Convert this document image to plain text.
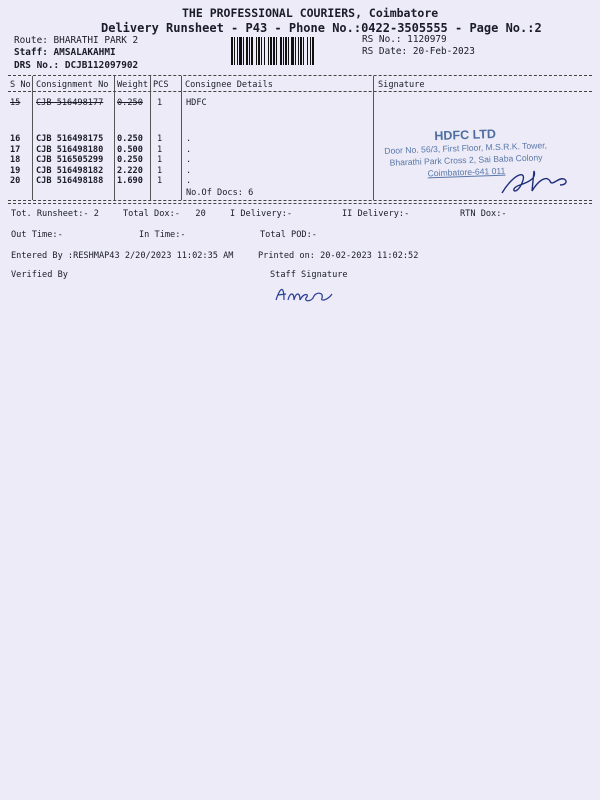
THE PROFESSIONAL COURIERS, Coimbatore
Delivery Runsheet - P43 - Phone No.:0422-3505555 - Page No.:2
Route: BHARATHI PARK 2
Staff: AMSALAKAHMI
DRS No.: DCJB112097902
RS No.: 1120979
RS Date: 20-Feb-2023
S No Consignment No Weight PCS Consignee Details	Signature
15 CJB 516498177 0.250 1	HDFC
16 CJB 516498175 0.250 1	.
17 CJB 516498180 0.500 1	.
18 CJB 516505299 0.250 1	.
19 CJB 516498182 2.220 1	.
20 CJB 516498188 1.690 1	.
No.Of Docs: 6
HDFC LTD
Door No. 56/3, First Floor, M.S.R.K. Tower,
Bharathi Park Cross 2, Sai Baba Colony
Coimbatore-641 011
Tot. Runsheet:- 2	Total Dox:-   20	I Delivery:-	II Delivery:-	RTN Dox:-
Out Time:-	In Time:-	Total POD:-
Entered By :RESHMAP43 2/20/2023 11:02:35 AM	Printed on: 20-02-2023 11:02:52
Verified By	Staff Signature
